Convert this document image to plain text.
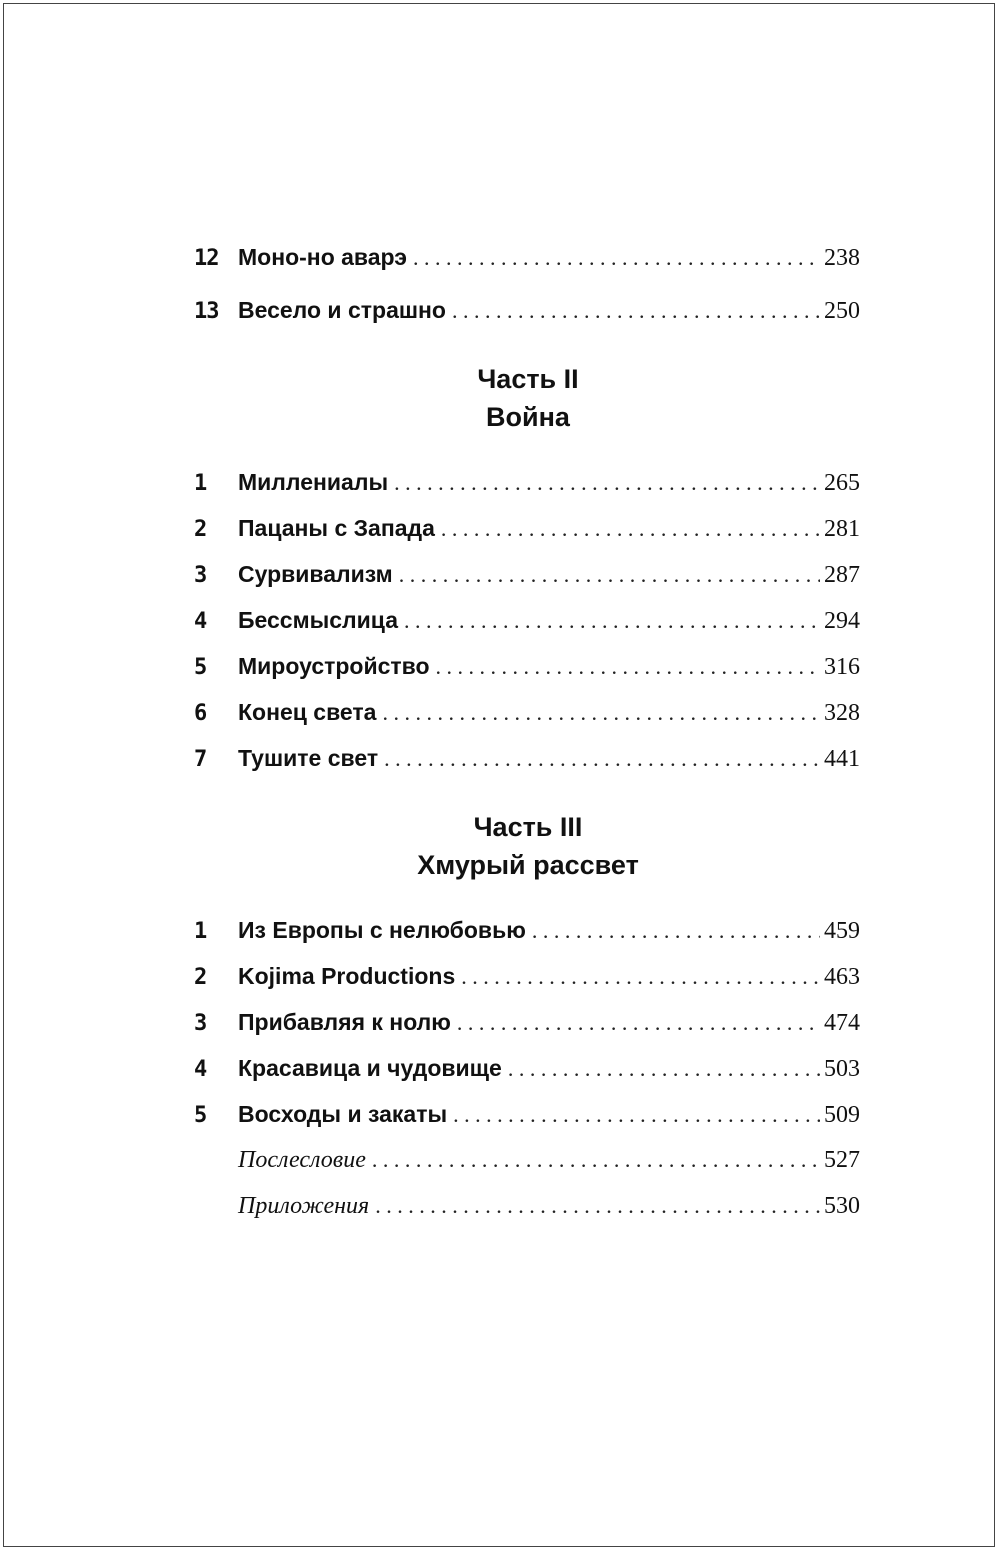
12 Моно-но аварэ . . .	238
13 Весело и страшно . . .	250
Часть II
Война
1	Миллениалы . . .	265
2	Пацаны с Запада . . .	281
3	Сурвивализм . . .	287
4	Бессмыслица . . .	294
5	Мироустройство . . .	316
6	Конец света . . .	328
7	Тушите свет . . .	441
Часть III
Хмурый рассвет
1	Из Европы с нелюбовью . . .	459
2	Kojima Productions . . .	463
3	Прибавляя к нолю . . .	474
4	Красавица и чудовище . . .	503
5	Восходы и закаты . . .	509
Послесловие . . .	527
Приложения . . .	530
